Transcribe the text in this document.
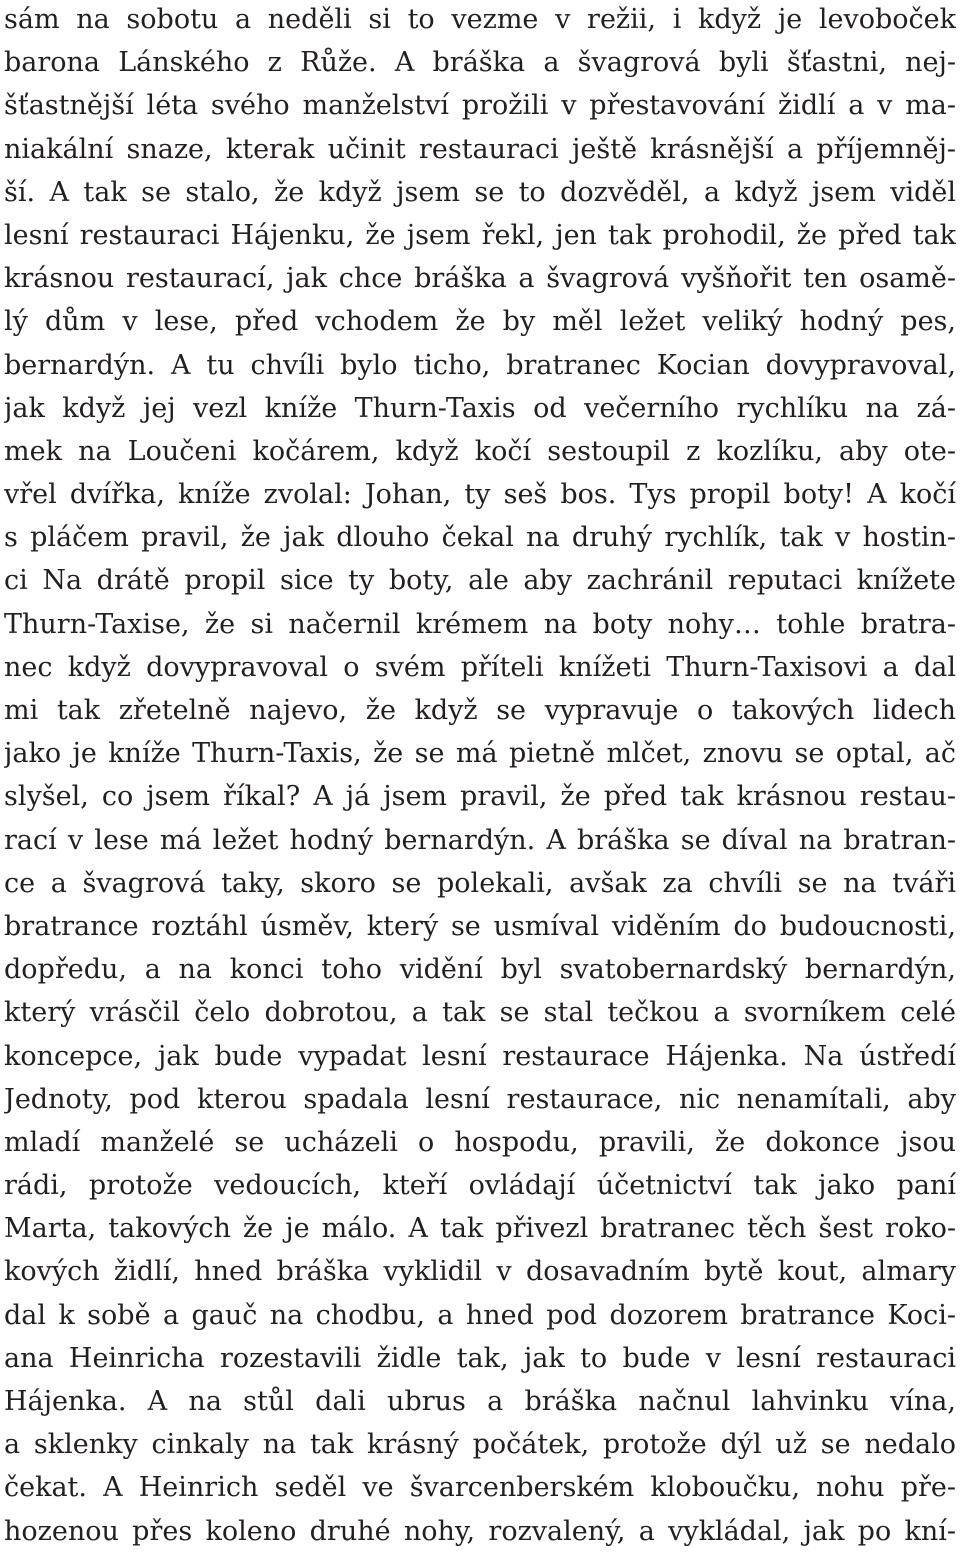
sám na sobotu a neděli si to vezme v režii, i když je levoboček
barona Lánského z Růže. A bráška a švagrová byli šťastni, nej-
šťastnější léta svého manželství prožili v přestavování židlí a v ma-
niakální snaze, kterak učinit restauraci ještě krásnější a příjemněj-
ší. A tak se stalo, že když jsem se to dozvěděl, a když jsem viděl
lesní restauraci Hájenku, že jsem řekl, jen tak prohodil, že před tak
krásnou restaurací, jak chce bráška a švagrová vyšňořit ten osamě-
lý dům v lese, před vchodem že by měl ležet veliký hodný pes,
bernardýn. A tu chvíli bylo ticho, bratranec Kocian dovypravoval,
jak když jej vezl kníže Thurn-Taxis od večerního rychlíku na zá-
mek na Loučeni kočárem, když kočí sestoupil z kozlíku, aby ote-
vřel dvířka, kníže zvolal: Johan, ty seš bos. Tys propil boty! A kočí
s pláčem pravil, že jak dlouho čekal na druhý rychlík, tak v hostin-
ci Na drátě propil sice ty boty, ale aby zachránil reputaci knížete
Thurn-Taxise, že si načernil krémem na boty nohy… tohle bratra-
nec když dovypravoval o svém příteli knížeti Thurn-Taxisovi a dal
mi tak zřetelně najevo, že když se vypravuje o takových lidech
jako je kníže Thurn-Taxis, že se má pietně mlčet, znovu se optal, ač
slyšel, co jsem říkal? A já jsem pravil, že před tak krásnou restau-
rací v lese má ležet hodný bernardýn. A bráška se díval na bratran-
ce a švagrová taky, skoro se polekali, avšak za chvíli se na tváři
bratrance roztáhl úsměv, který se usmíval viděním do budoucnosti,
dopředu, a na konci toho vidění byl svatobernardský bernardýn,
který vrásčil čelo dobrotou, a tak se stal tečkou a svorníkem celé
koncepce, jak bude vypadat lesní restaurace Hájenka. Na ústředí
Jednoty, pod kterou spadala lesní restaurace, nic nenamítali, aby
mladí manželé se ucházeli o hospodu, pravili, že dokonce jsou
rádi, protože vedoucích, kteří ovládají účetnictví tak jako paní
Marta, takových že je málo. A tak přivezl bratranec těch šest roko-
kových židlí, hned bráška vyklidil v dosavadním bytě kout, almary
dal k sobě a gauč na chodbu, a hned pod dozorem bratrance Koci-
ana Heinricha rozestavili židle tak, jak to bude v lesní restauraci
Hájenka. A na stůl dali ubrus a bráška načnul lahvinku vína,
a sklenky cinkaly na tak krásný počátek, protože dýl už se nedalo
čekat. A Heinrich seděl ve švarcenberském kloboučku, nohu pře-
hozenou přes koleno druhé nohy, rozvalený, a vykládal, jak po kní-
